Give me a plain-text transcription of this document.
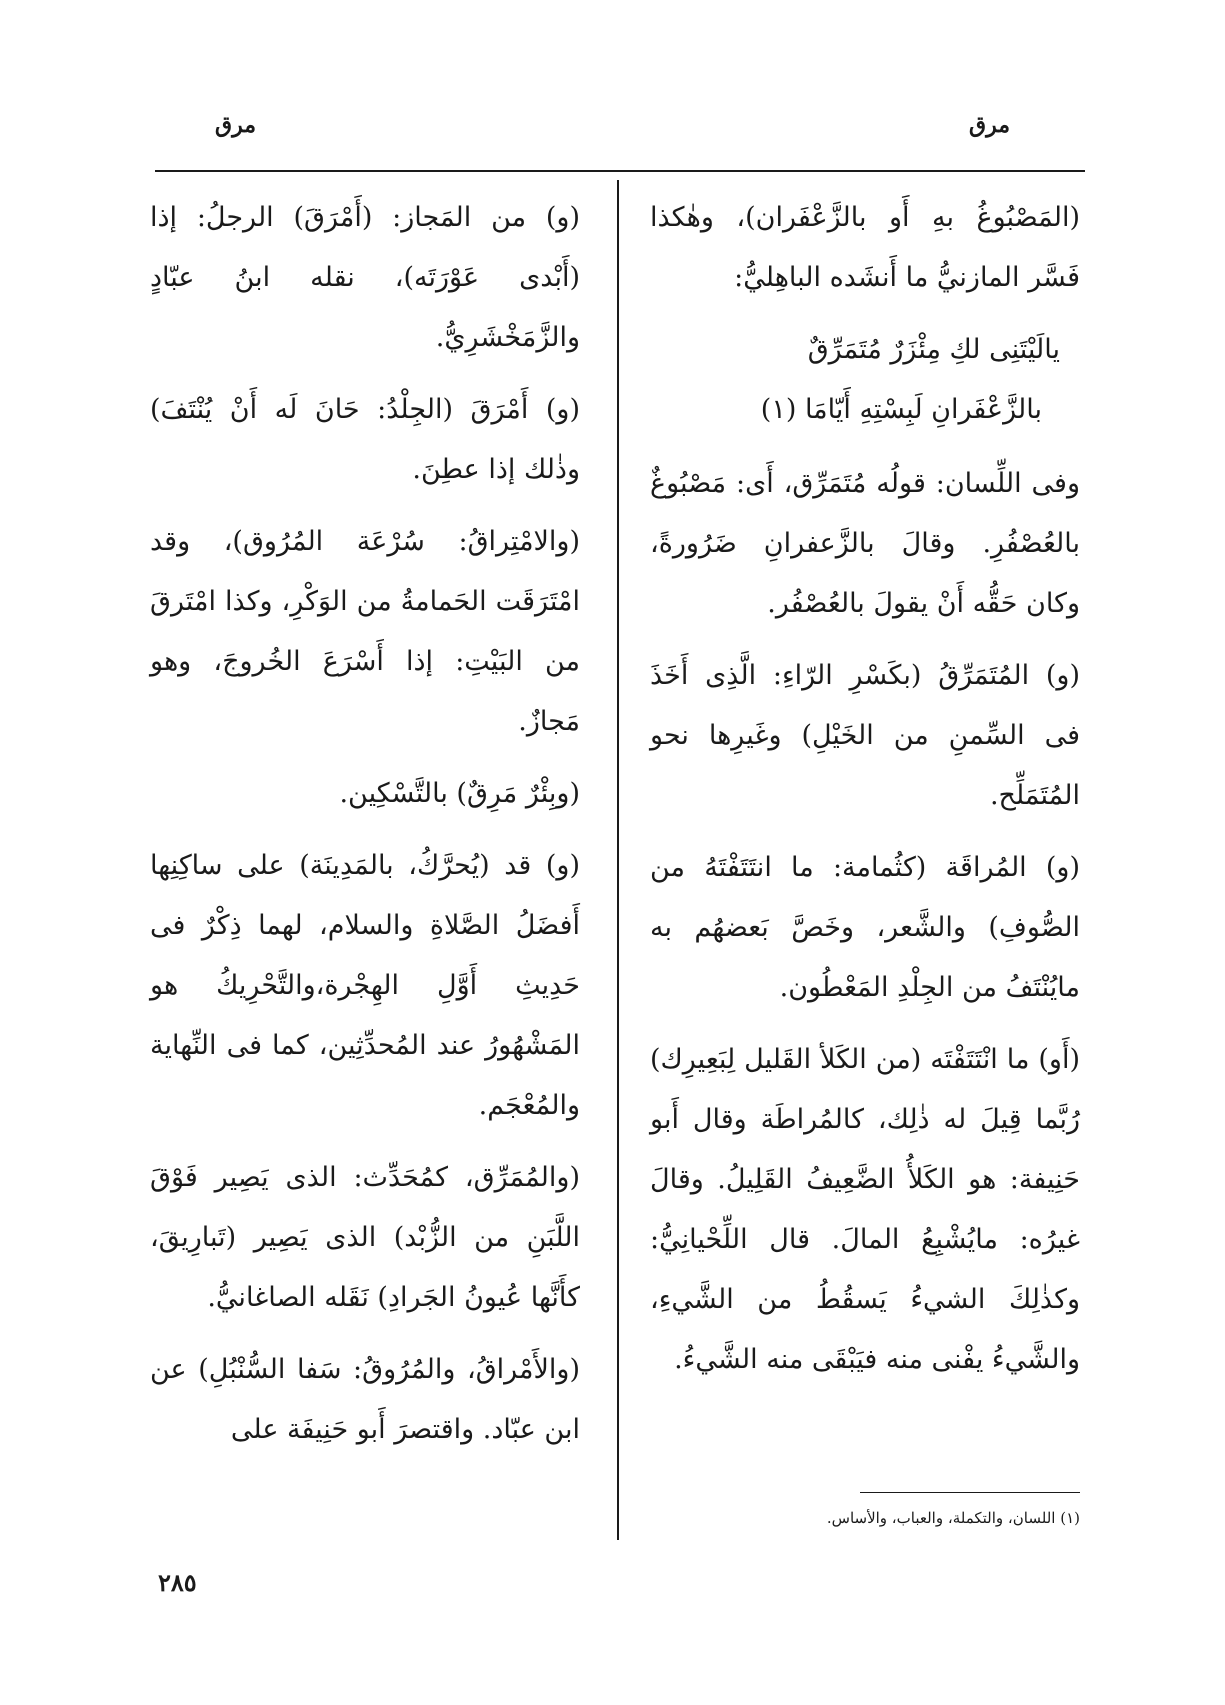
مرق
مرق

(المَصْبُوغُ بهِ أَو بالزَّعْفَران)، وهٰكذا فَسَّر المازنيُّ ما أَنشَده الباهِليُّ:

يالَيْتَنِى لكِ مِئْزَرٌ مُتَمَرِّقٌ
بالزَّعْفَرانِ لَبِسْتِهِ أَيّامَا (١)

وفى اللِّسان: قولُه مُتَمَرِّق، أَى: مَصْبُوغٌ بالعُصْفُرِ. وقالَ بالزَّعفرانِ ضَرُورةً، وكان حَقُّه أَنْ يقولَ بالعُصْفُر.

(و) المُتَمَرِّقُ (بكَسْرِ الرّاءِ: الَّذِى أَخَذَ فى السِّمنِ من الخَيْلِ) وغَيرِها نحو المُتَمَلِّح.

(و) المُراقَة (كثُمامة: ما انتَتَفْتَهُ من الصُّوفِ) والشَّعر، وخَصَّ بَعضهُم به مايُنْتَفُ من الجِلْدِ المَعْطُون.

(أَو) ما انْتَتَفْتَه (من الكَلأ القَليل لِبَعِيرِك) رُبَّما قِيلَ له ذٰلِك، كالمُراطَة وقال أَبو حَنِيفة: هو الكَلأُ الضَّعِيفُ القَلِيلُ. وقالَ غيرُه: مايُشْبِعُ المالَ. قال اللِّحْيانِيُّ: وكذٰلِكَ الشيءُ يَسقُطُ من الشَّيءِ، والشَّيءُ يفْنى منه فيَبْقَى منه الشَّيءُ.

(و) من المَجاز: (أَمْرَقَ) الرجلُ: إذا (أَبْدى عَوْرَتَه)، نقله ابنُ عبّادٍ والزَّمَخْشَرِيُّ.

(و) أَمْرَقَ (الجِلْدُ: حَانَ لَه أَنْ يُنْتَفَ) وذٰلك إذا عطِنَ.

(والامْتِراقُ: سُرْعَة المُرُوق)، وقد امْتَرَقَت الحَمامةُ من الوَكْرِ، وكذا امْتَرقَ من البَيْتِ: إذا أَسْرَعَ الخُروجَ، وهو مَجازٌ.

(وبِئْرٌ مَرِقٌ) بالتَّسْكِين.

(و) قد (يُحرَّكُ، بالمَدِينَة) على ساكِنِها أَفضَلُ الصَّلاةِ والسلام، لهما ذِكْرٌ فى حَدِيثِ أَوَّلِ الهِجْرة،والتَّحْرِيكُ هو المَشْهُورُ عند المُحدِّثِين، كما فى النِّهاية والمُعْجَم.

(والمُمَرِّق، كمُحَدِّث: الذى يَصِير فَوْقَ اللَّبَنِ من الزُّبْد) الذى يَصِير (تَبارِيقَ، كأَنَّها عُيونُ الجَرادِ) نَقَله الصاغانيُّ.

(والأَمْراقُ، والمُرُوقُ: سَفا السُّنْبُلِ) عن ابن عبّاد. واقتصرَ أَبو حَنِيفَة على

(١) اللسان، والتكملة، والعباب، والأساس.
٢٨٥
